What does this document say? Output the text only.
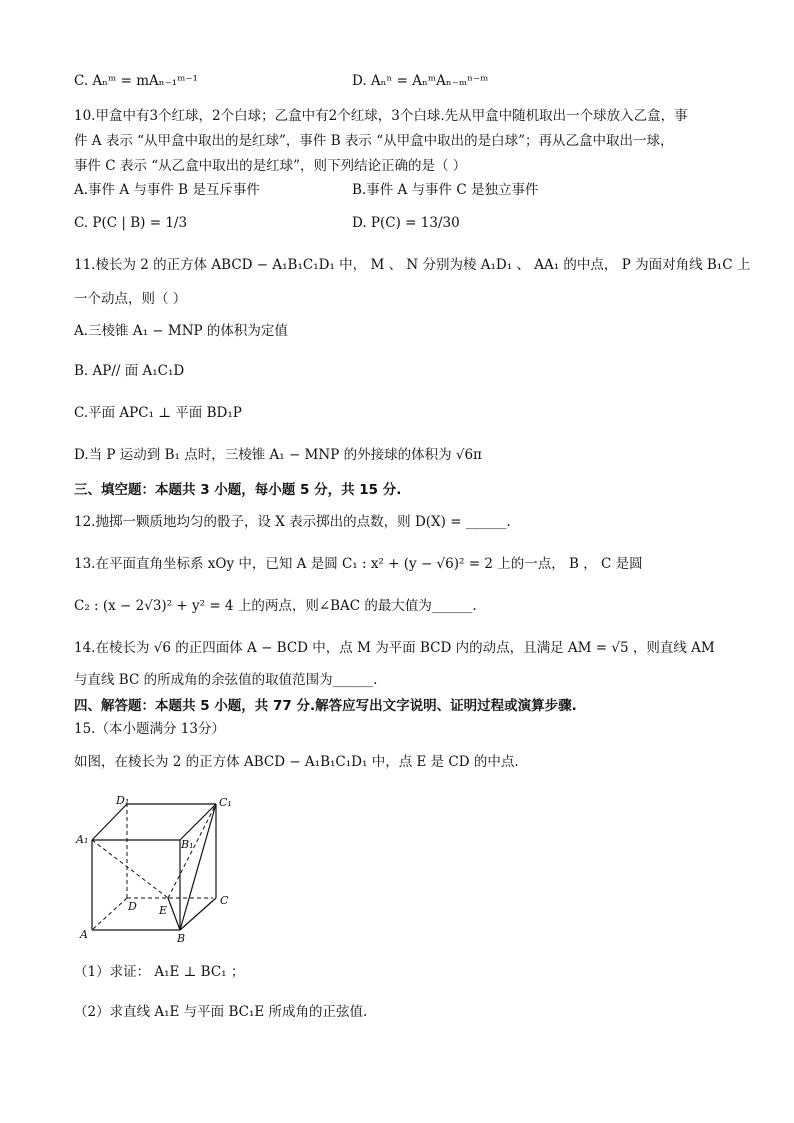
C. Aₙᵐ = mAₙ₋₁ᵐ⁻¹	D. Aₙⁿ = AₙᵐAₙ₋ₘⁿ⁻ᵐ
10.甲盒中有3个红球，2个白球；乙盒中有2个红球，3个白球.先从甲盒中随机取出一个球放入乙盒，事
件 A 表示 “从甲盒中取出的是红球”，事件 B 表示 “从甲盒中取出的是白球”；再从乙盒中取出一球，
事件 C 表示 “从乙盒中取出的是红球”，则下列结论正确的是（ ）
A.事件 A 与事件 B 是互斥事件	B.事件 A 与事件 C 是独立事件
C. P(C | B) = 1/3	D. P(C) = 13/30
11.棱长为 2 的正方体 ABCD − A₁B₁C₁D₁ 中， M 、 N 分别为棱 A₁D₁ 、 AA₁ 的中点， P 为面对角线 B₁C 上
一个动点，则（ ）
A.三棱锥 A₁ − MNP 的体积为定值
B. AP// 面 A₁C₁D
C.平面 APC₁ ⊥ 平面 BD₁P
D.当 P 运动到 B₁ 点时，三棱锥 A₁ − MNP 的外接球的体积为 √6π
三、填空题：本题共 3 小题，每小题 5 分，共 15 分.
12.抛掷一颗质地均匀的骰子，设 X 表示掷出的点数，则 D(X) = ______.
13.在平面直角坐标系 xOy 中，已知 A 是圆 C₁ : x² + (y − √6)² = 2 上的一点， B ， C 是圆
C₂ : (x − 2√3)² + y² = 4 上的两点，则∠BAC 的最大值为______.
14.在棱长为 √6 的正四面体 A − BCD 中，点 M 为平面 BCD 内的动点，且满足 AM = √5 ，则直线 AM
与直线 BC 的所成角的余弦值的取值范围为______.
四、解答题：本题共 5 小题，共 77 分.解答应写出文字说明、证明过程或演算步骤.
15.（本小题满分 13分）
如图，在棱长为 2 的正方体 ABCD − A₁B₁C₁D₁ 中，点 E 是 CD 的中点.
D₁	C₁
A₁	B₁
D E
C
A	B
（1）求证： A₁E ⊥ BC₁ ；
（2）求直线 A₁E 与平面 BC₁E 所成角的正弦值.
